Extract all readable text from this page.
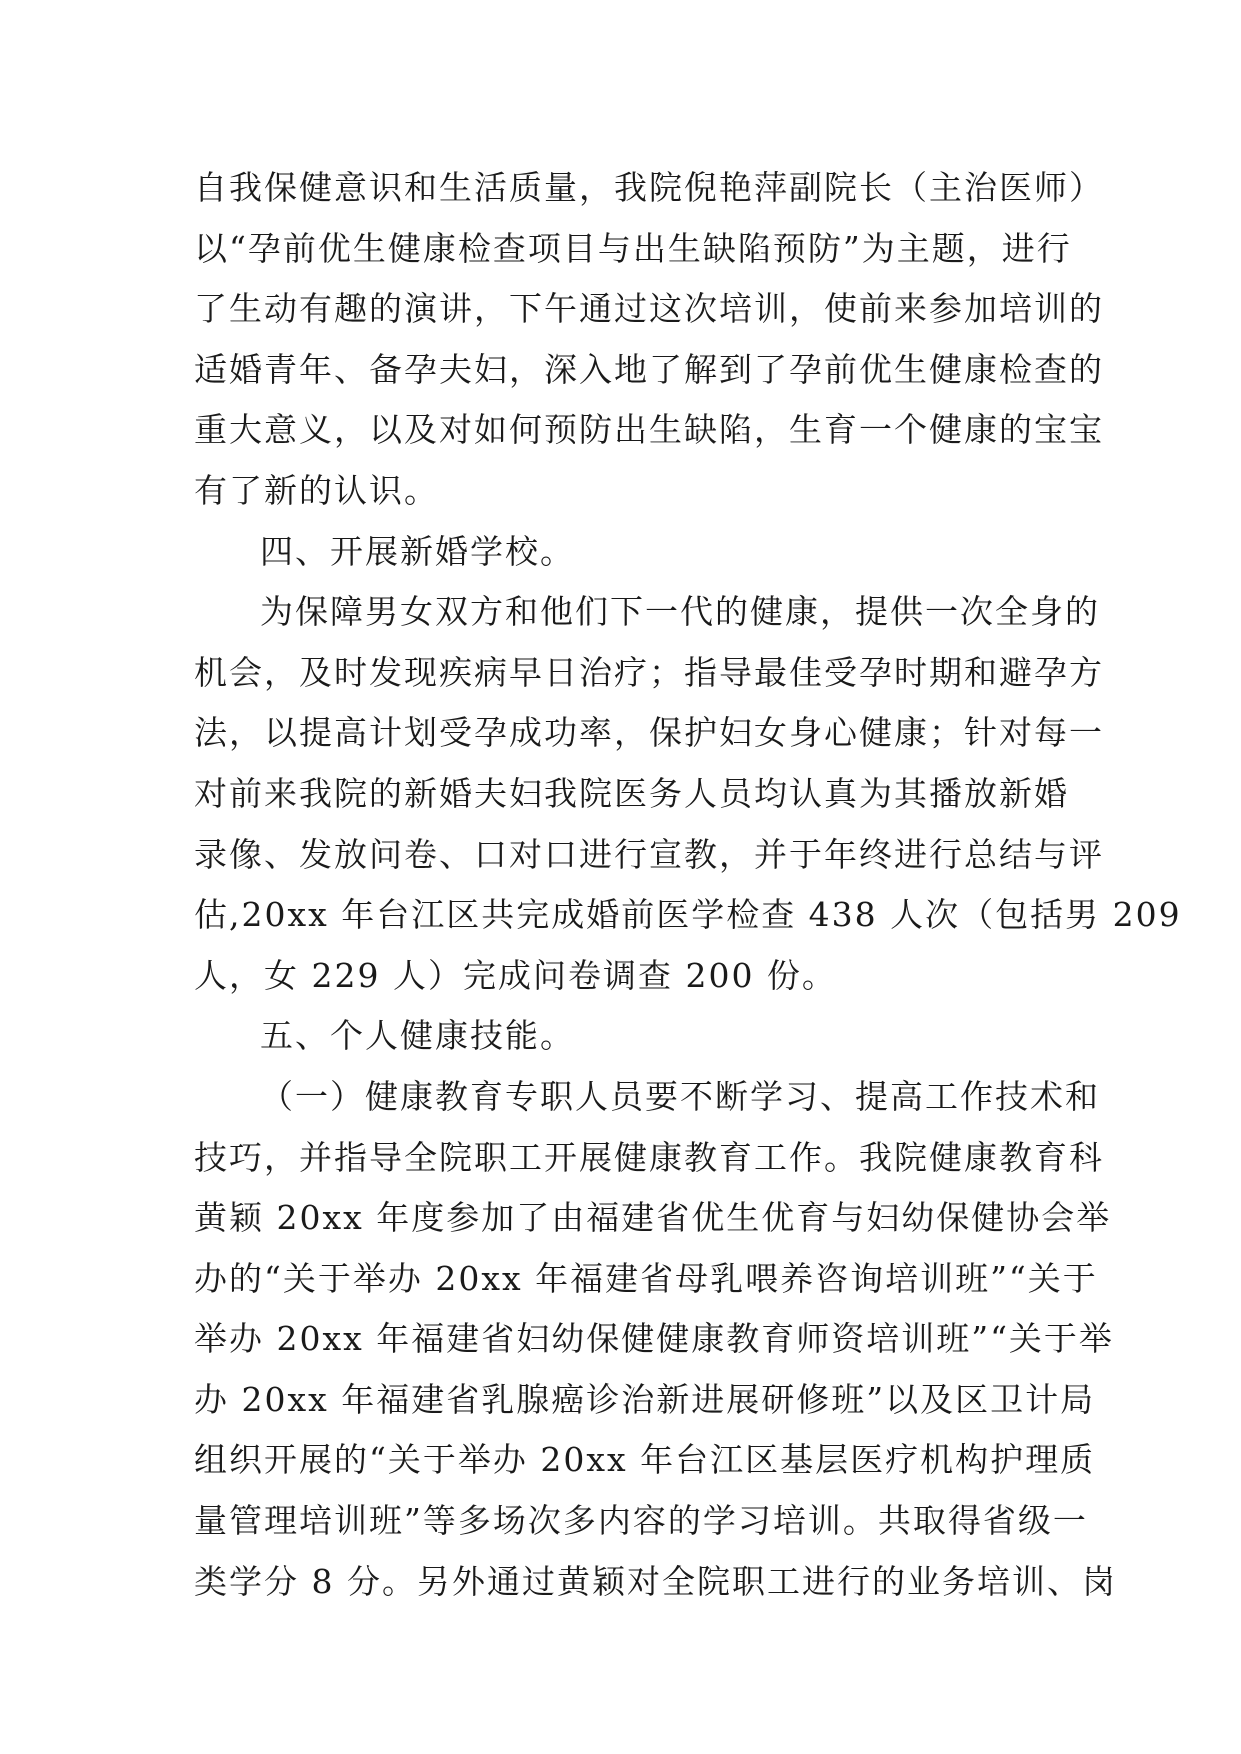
自我保健意识和生活质量，我院倪艳萍副院长（主治医师）
以“孕前优生健康检查项目与出生缺陷预防”为主题，进行
了生动有趣的演讲，下午通过这次培训，使前来参加培训的
适婚青年、备孕夫妇，深入地了解到了孕前优生健康检查的
重大意义，以及对如何预防出生缺陷，生育一个健康的宝宝
有了新的认识。

四、开展新婚学校。

为保障男女双方和他们下一代的健康，提供一次全身的
机会，及时发现疾病早日治疗；指导最佳受孕时期和避孕方
法，以提高计划受孕成功率，保护妇女身心健康；针对每一
对前来我院的新婚夫妇我院医务人员均认真为其播放新婚
录像、发放问卷、口对口进行宣教，并于年终进行总结与评
估,20xx 年台江区共完成婚前医学检查 438 人次（包括男 209
人，女 229 人）完成问卷调查 200 份。

五、个人健康技能。

（一）健康教育专职人员要不断学习、提高工作技术和
技巧，并指导全院职工开展健康教育工作。我院健康教育科
黄颖 20xx 年度参加了由福建省优生优育与妇幼保健协会举
办的“关于举办 20xx 年福建省母乳喂养咨询培训班”“关于
举办 20xx 年福建省妇幼保健健康教育师资培训班”“关于举
办 20xx 年福建省乳腺癌诊治新进展研修班”以及区卫计局
组织开展的“关于举办 20xx 年台江区基层医疗机构护理质
量管理培训班”等多场次多内容的学习培训。共取得省级一
类学分 8 分。另外通过黄颖对全院职工进行的业务培训、岗
